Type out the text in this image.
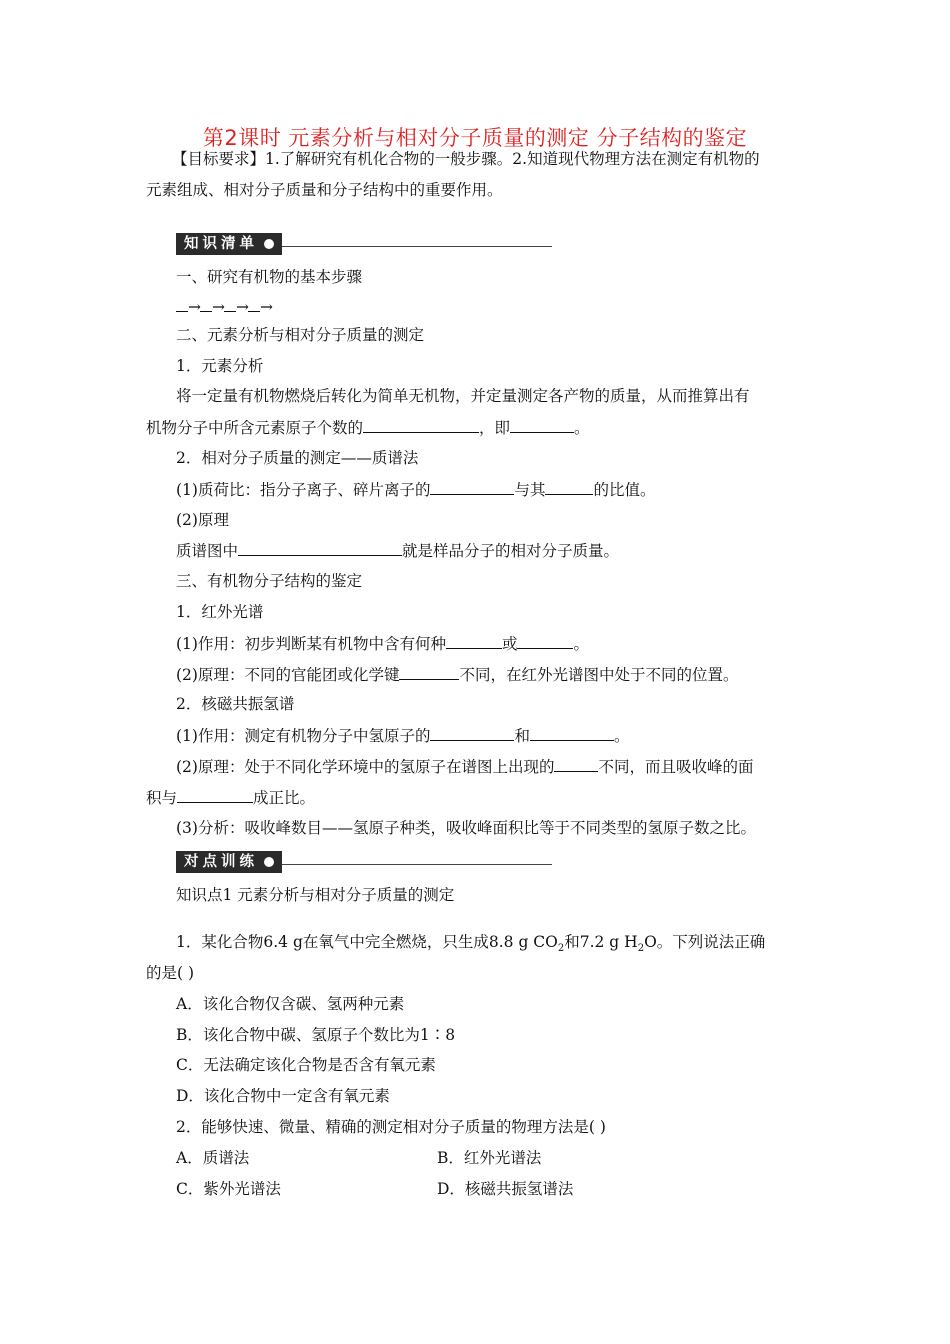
第2课时 元素分析与相对分子质量的测定 分子结构的鉴定
【目标要求】1.了解研究有机化合物的一般步骤。2.知道现代物理方法在测定有机物的
元素组成、相对分子质量和分子结构中的重要作用。
知识清单
一、研究有机物的基本步骤
→ → → →
二、元素分析与相对分子质量的测定
1．元素分析
将一定量有机物燃烧后转化为简单无机物，并定量测定各产物的质量，从而推算出有
机物分子中所含元素原子个数的	，即	。
2．相对分子质量的测定——质谱法
(1)质荷比：指分子离子、碎片离子的	与其	的比值。
(2)原理
质谱图中	就是样品分子的相对分子质量。
三、有机物分子结构的鉴定
1．红外光谱
(1)作用：初步判断某有机物中含有何种	或	。
(2)原理：不同的官能团或化学键	不同，在红外光谱图中处于不同的位置。
2．核磁共振氢谱
(1)作用：测定有机物分子中氢原子的	和	。
(2)原理：处于不同化学环境中的氢原子在谱图上出现的	不同，而且吸收峰的面
积与	成正比。
(3)分析：吸收峰数目——氢原子种类，吸收峰面积比等于不同类型的氢原子数之比。
对点训练
知识点1 元素分析与相对分子质量的测定
1．某化合物6.4 g在氧气中完全燃烧，只生成8.8 g $CO_2$和7.2 g $H_2O$。下列说法正确
的是( )
A．该化合物仅含碳、氢两种元素
B．该化合物中碳、氢原子个数比为1∶8
C．无法确定该化合物是否含有氧元素
D．该化合物中一定含有氧元素
2．能够快速、微量、精确的测定相对分子质量的物理方法是( )
A．质谱法	B．红外光谱法
C．紫外光谱法	D．核磁共振氢谱法
